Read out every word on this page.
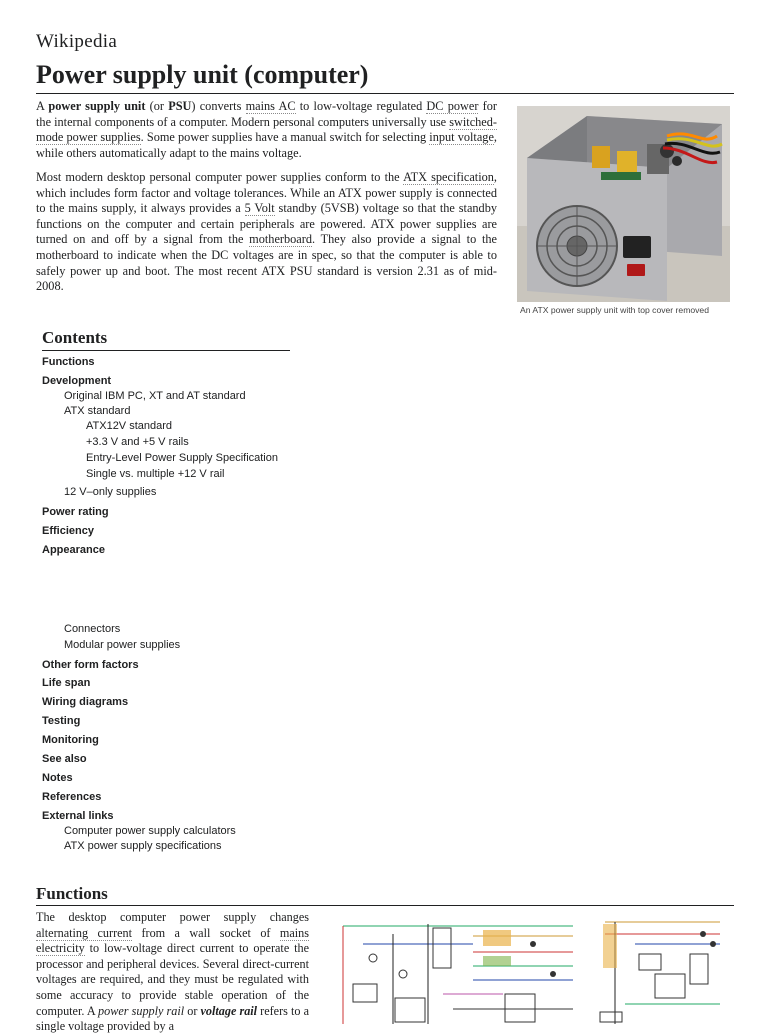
Wikipedia
Power supply unit (computer)

A power supply unit (or PSU) converts mains AC to low-voltage regulated DC power for the internal components of a computer. Modern personal computers universally use switched-mode power supplies. Some power supplies have a manual switch for selecting input voltage, while others automatically adapt to the mains voltage.

Most modern desktop personal computer power supplies conform to the ATX specification, which includes form factor and voltage tolerances. While an ATX power supply is connected to the mains supply, it always provides a 5 Volt standby (5VSB) voltage so that the standby functions on the computer and certain peripherals are powered. ATX power supplies are turned on and off by a signal from the motherboard. They also provide a signal to the motherboard to indicate when the DC voltages are in spec, so that the computer is able to safely power up and boot. The most recent ATX PSU standard is version 2.31 as of mid-2008.

An ATX power supply unit with top cover removed

Contents
Functions
Development
Original IBM PC, XT and AT standard
ATX standard
ATX12V standard
+3.3 V and +5 V rails
Entry-Level Power Supply Specification
Single vs. multiple +12 V rail
12 V–only supplies
Power rating
Efficiency
Appearance
Connectors
Modular power supplies
Other form factors
Life span
Wiring diagrams
Testing
Monitoring
See also
Notes
References
External links
Computer power supply calculators
ATX power supply specifications
Functions

The desktop computer power supply changes alternating current from a wall socket of mains electricity to low-voltage direct current to operate the processor and peripheral devices. Several direct-current voltages are required, and they must be regulated with some accuracy to provide stable operation of the computer. A power supply rail or voltage rail refers to a single voltage provided by a
